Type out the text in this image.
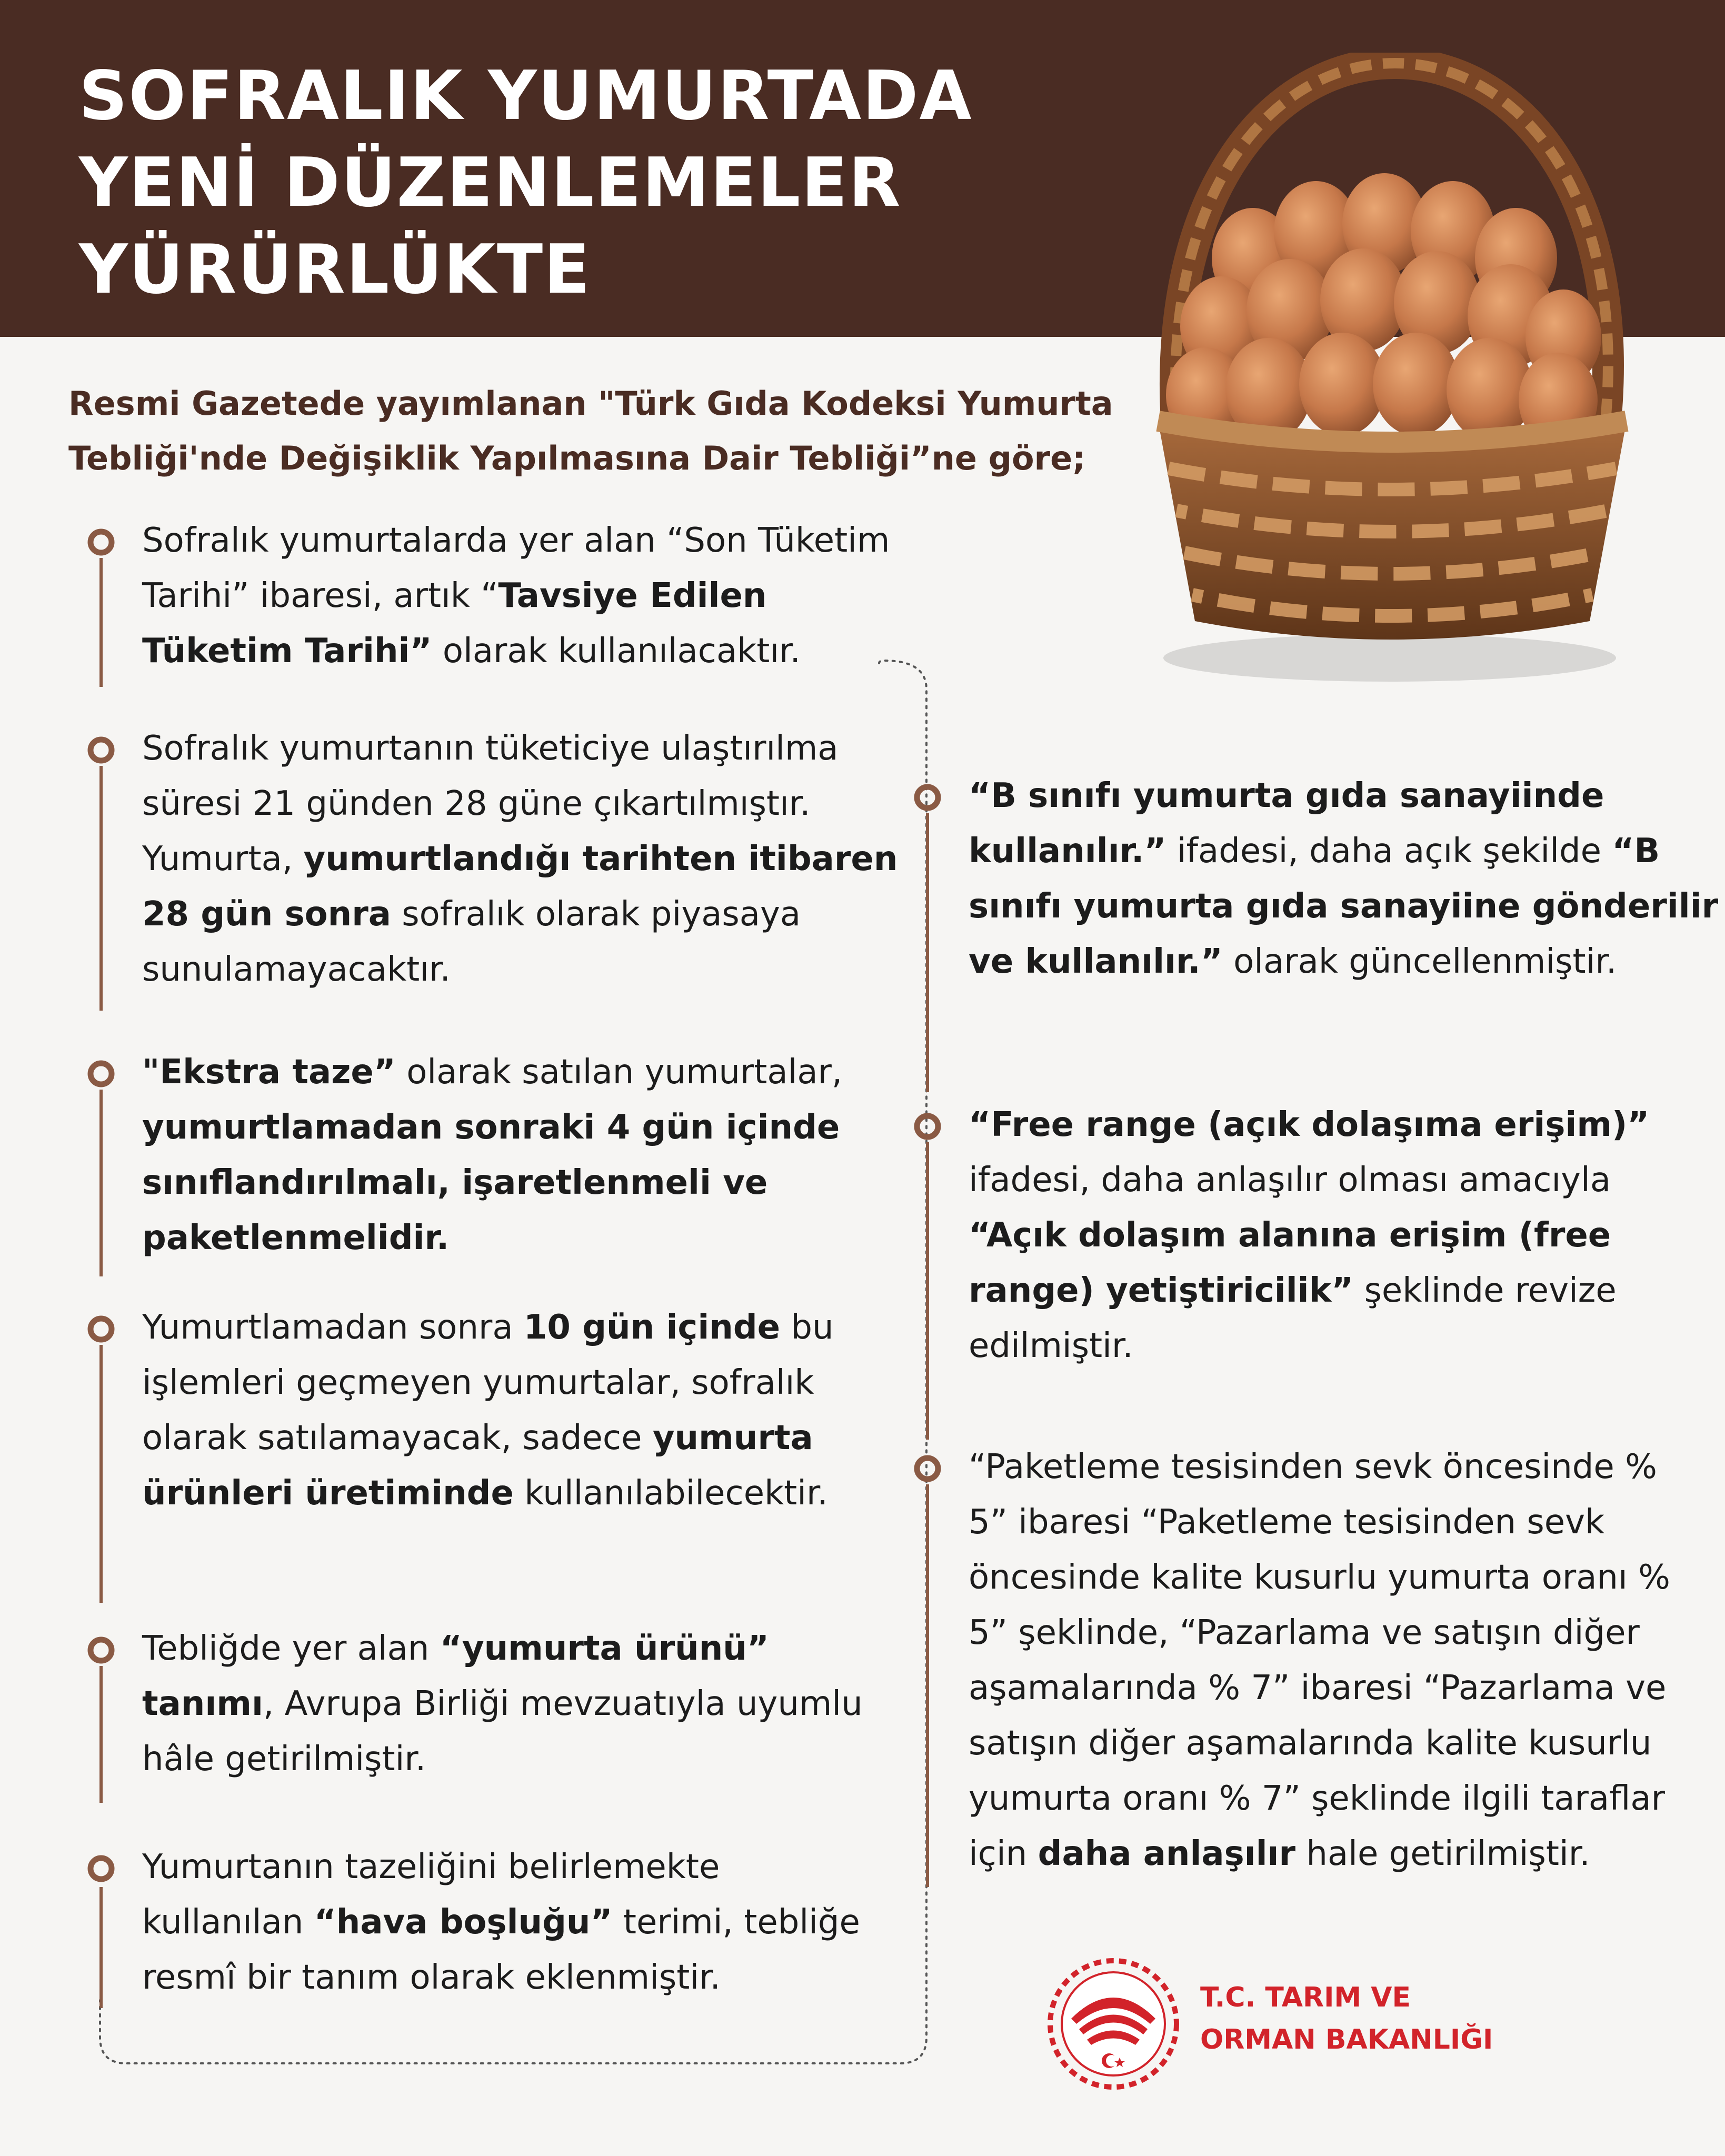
SOFRALIK YUMURTADA
YENİ DÜZENLEMELER
YÜRÜRLÜKTE
Resmi Gazetede yayımlanan "Türk Gıda Kodeksi Yumurta
Tebliği'nde Değişiklik Yapılmasına Dair Tebliği”ne göre;
T.C. TARIM VE
ORMAN BAKANLIĞI
Sofralık yumurtalarda yer alan “Son Tüketim
Tarihi” ibaresi, artık “Tavsiye Edilen
Tüketim Tarihi” olarak kullanılacaktır.
Sofralık yumurtanın tüketiciye ulaştırılma
süresi 21 günden 28 güne çıkartılmıştır.
Yumurta, yumurtlandığı tarihten itibaren
28 gün sonra sofralık olarak piyasaya
sunulamayacaktır.
"Ekstra taze” olarak satılan yumurtalar,
yumurtlamadan sonraki 4 gün içinde
sınıflandırılmalı, işaretlenmeli ve
paketlenmelidir.
Yumurtlamadan sonra 10 gün içinde bu
işlemleri geçmeyen yumurtalar, sofralık
olarak satılamayacak, sadece yumurta
ürünleri üretiminde kullanılabilecektir.
Tebliğde yer alan “yumurta ürünü”
tanımı, Avrupa Birliği mevzuatıyla uyumlu
hâle getirilmiştir.
Yumurtanın tazeliğini belirlemekte
kullanılan “hava boşluğu” terimi, tebliğe
resmî bir tanım olarak eklenmiştir.
“B sınıfı yumurta gıda sanayiinde
kullanılır.” ifadesi, daha açık şekilde “B
sınıfı yumurta gıda sanayiine gönderilir
ve kullanılır.” olarak güncellenmiştir.
“Free range (açık dolaşıma erişim)”
ifadesi, daha anlaşılır olması amacıyla
“Açık dolaşım alanına erişim (free
range) yetiştiricilik” şeklinde revize
edilmiştir.
“Paketleme tesisinden sevk öncesinde %
5” ibaresi “Paketleme tesisinden sevk
öncesinde kalite kusurlu yumurta oranı %
5” şeklinde, “Pazarlama ve satışın diğer
aşamalarında % 7” ibaresi “Pazarlama ve
satışın diğer aşamalarında kalite kusurlu
yumurta oranı % 7” şeklinde ilgili taraflar
için daha anlaşılır hale getirilmiştir.
